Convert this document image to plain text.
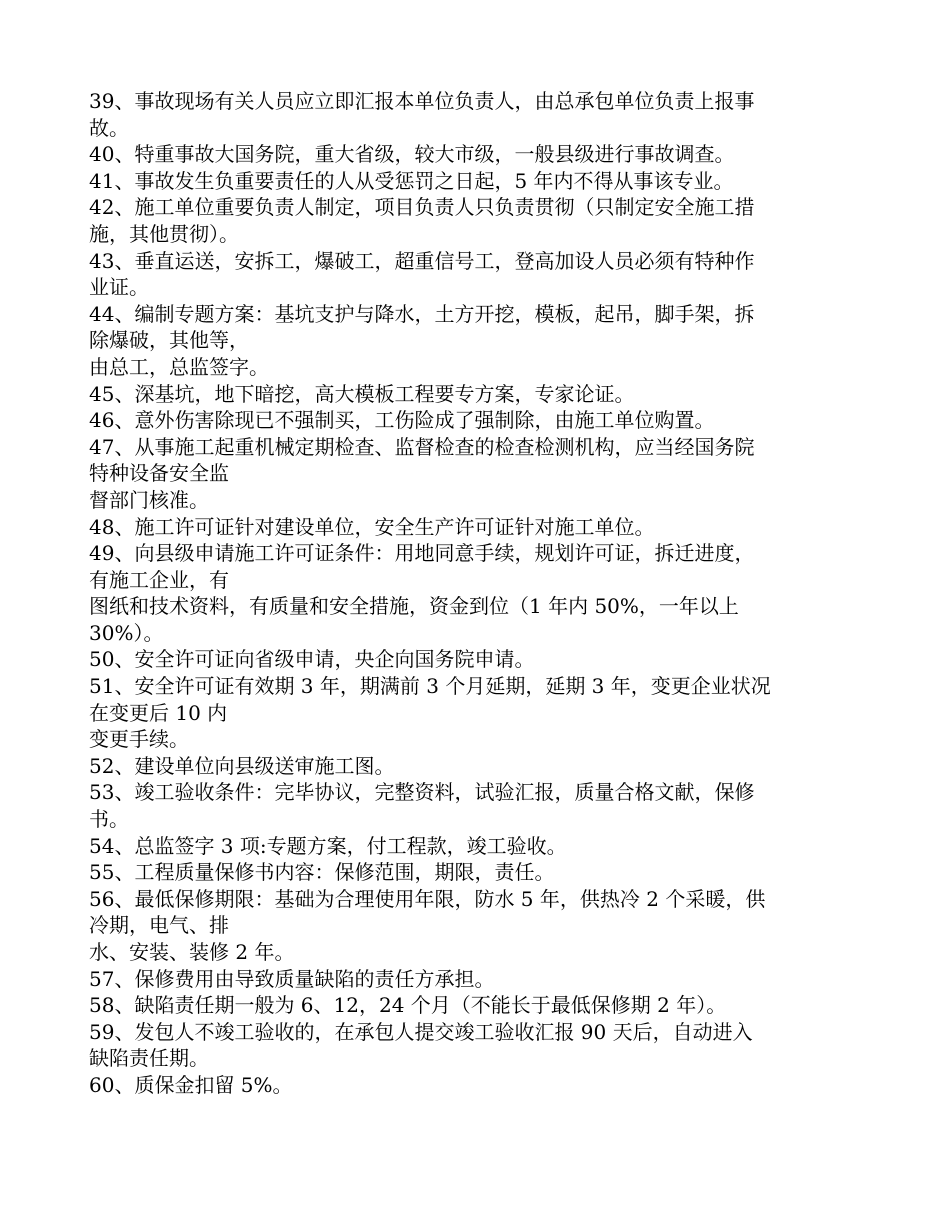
39、事故现场有关人员应立即汇报本单位负责人，由总承包单位负责上报事
故。
40、特重事故大国务院，重大省级，较大市级，一般县级进行事故调查。
41、事故发生负重要责任的人从受惩罚之日起，5 年内不得从事该专业。
42、施工单位重要负责人制定，项目负责人只负责贯彻（只制定安全施工措
施，其他贯彻）。
43、垂直运送，安拆工，爆破工，超重信号工，登高加设人员必须有特种作
业证。
44、编制专题方案：基坑支护与降水，土方开挖，模板，起吊，脚手架，拆
除爆破，其他等，
由总工，总监签字。
45、深基坑，地下暗挖，高大模板工程要专方案，专家论证。
46、意外伤害除现已不强制买，工伤险成了强制除，由施工单位购置。
47、从事施工起重机械定期检查、监督检查的检查检测机构，应当经国务院
特种设备安全监
督部门核准。
48、施工许可证针对建设单位，安全生产许可证针对施工单位。
49、向县级申请施工许可证条件：用地同意手续，规划许可证，拆迁进度，
有施工企业，有
图纸和技术资料，有质量和安全措施，资金到位（1 年内 50%，一年以上
30%）。
50、安全许可证向省级申请，央企向国务院申请。
51、安全许可证有效期 3 年，期满前 3 个月延期，延期 3 年，变更企业状况
在变更后 10 内
变更手续。
52、建设单位向县级送审施工图。
53、竣工验收条件：完毕协议，完整资料，试验汇报，质量合格文献，保修
书。
54、总监签字 3 项:专题方案，付工程款，竣工验收。
55、工程质量保修书内容：保修范围，期限，责任。
56、最低保修期限：基础为合理使用年限，防水 5 年，供热冷 2 个采暖，供
冷期，电气、排
水、安装、装修 2 年。
57、保修费用由导致质量缺陷的责任方承担。
58、缺陷责任期一般为 6、12，24 个月（不能长于最低保修期 2 年）。
59、发包人不竣工验收的，在承包人提交竣工验收汇报 90 天后，自动进入
缺陷责任期。
60、质保金扣留 5%。
